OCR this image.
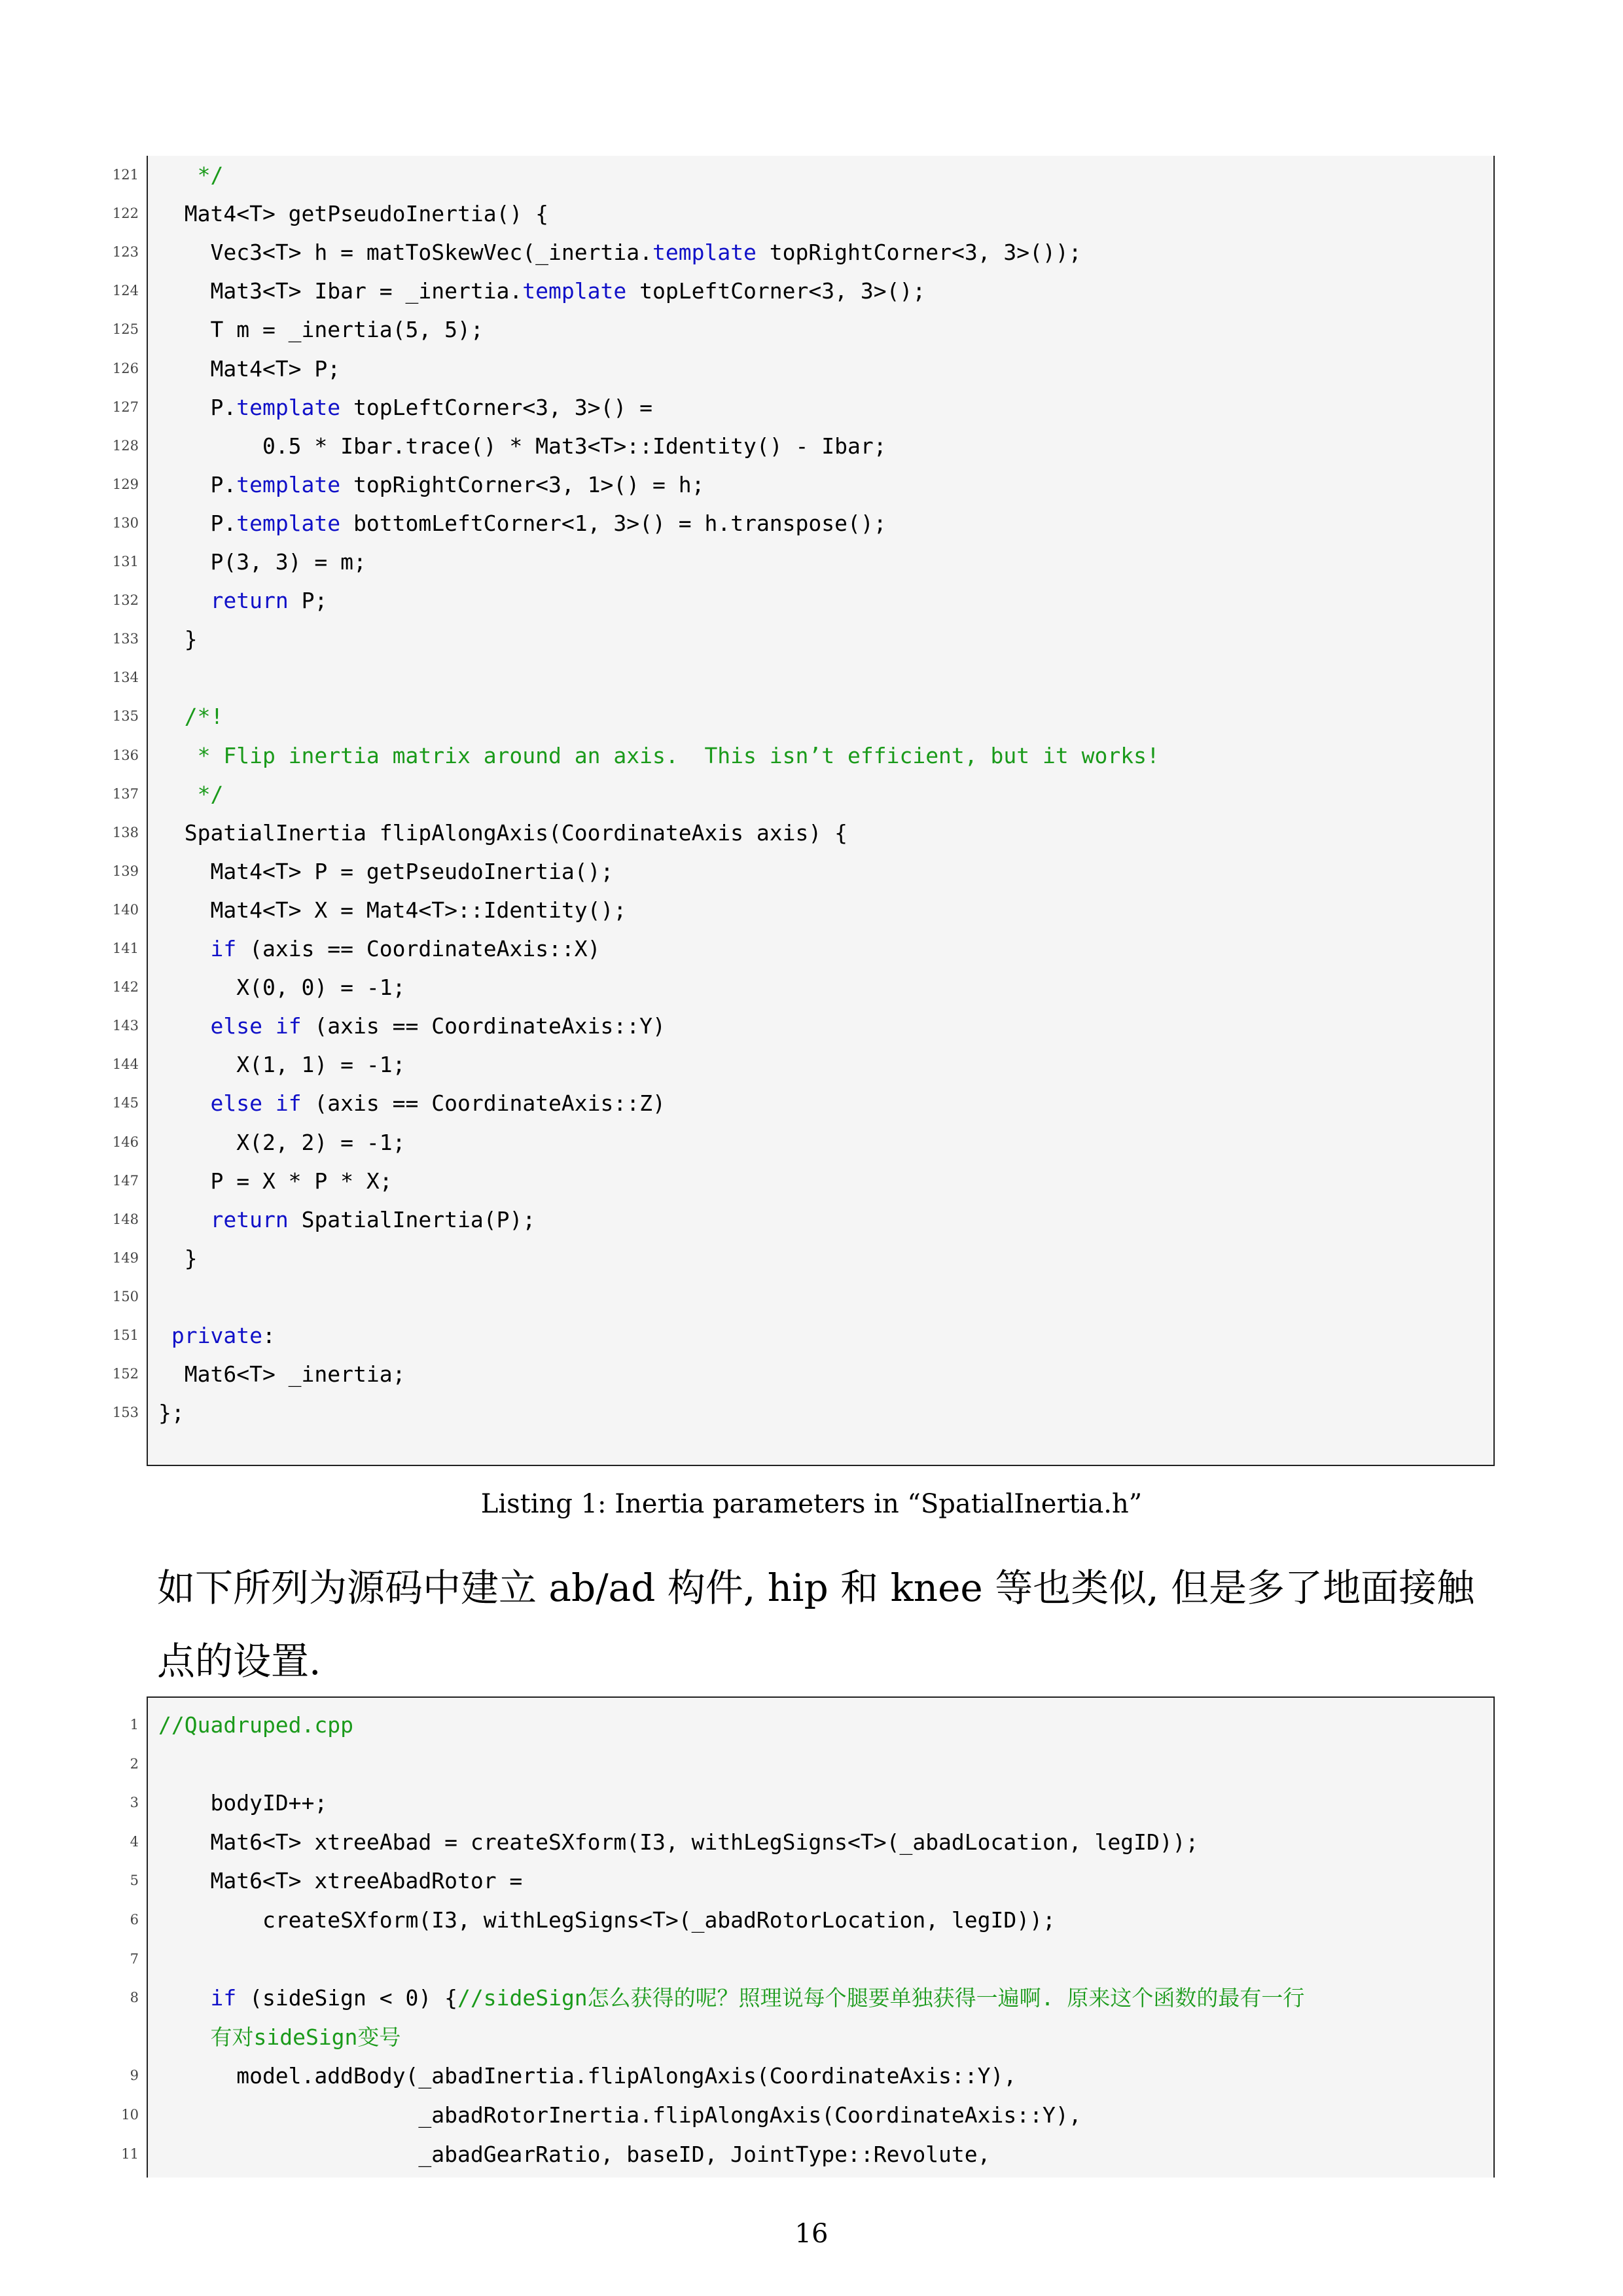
121 */
122 Mat4<T> getPseudoInertia() {
123 Vec3<T> h = matToSkewVec(_inertia.template topRightCorner<3, 3>());
124 Mat3<T> Ibar = _inertia.template topLeftCorner<3, 3>();
125 T m = _inertia(5, 5);
126 Mat4<T> P;
127 P.template topLeftCorner<3, 3>() =
128 0.5 * Ibar.trace() * Mat3<T>::Identity() - Ibar;
129 P.template topRightCorner<3, 1>() = h;
130 P.template bottomLeftCorner<1, 3>() = h.transpose();
131 P(3, 3) = m;
132	return P;
133 }
134
135 /*!
136 * Flip inertia matrix around an axis.  This isn’t efficient, but it works!
137 */
138 SpatialInertia flipAlongAxis(CoordinateAxis axis) {
139 Mat4<T> P = getPseudoInertia();
140 Mat4<T> X = Mat4<T>::Identity();
141	if (axis == CoordinateAxis::X)
142 X(0, 0) = -1;
143	else if (axis == CoordinateAxis::Y)
144 X(1, 1) = -1;
145	else if (axis == CoordinateAxis::Z)
146 X(2, 2) = -1;
147 P = X * P * X;
148	return SpatialInertia(P);
149 }
150
151	private:
152 Mat6<T> _inertia;
153 };
Listing 1: Inertia parameters in “SpatialInertia.h”
如下所列为源码中建立 ab/ad 构件, hip 和 knee 等也类似, 但是多了地面接触
点的设置.
1 //Quadruped.cpp
2
3 bodyID++;
4 Mat6<T> xtreeAbad = createSXform(I3, withLegSigns<T>(_abadLocation, legID));
5 Mat6<T> xtreeAbadRotor =
6 createSXform(I3, withLegSigns<T>(_abadRotorLocation, legID));
7
8	if (sideSign < 0) {//sideSign怎么获得的呢？照理说每个腿要单独获得一遍啊. 原来这个函数的最有一行
有对sideSign变号
9 model.addBody(_abadInertia.flipAlongAxis(CoordinateAxis::Y),
10 _abadRotorInertia.flipAlongAxis(CoordinateAxis::Y),
11 _abadGearRatio, baseID, JointType::Revolute,
16
